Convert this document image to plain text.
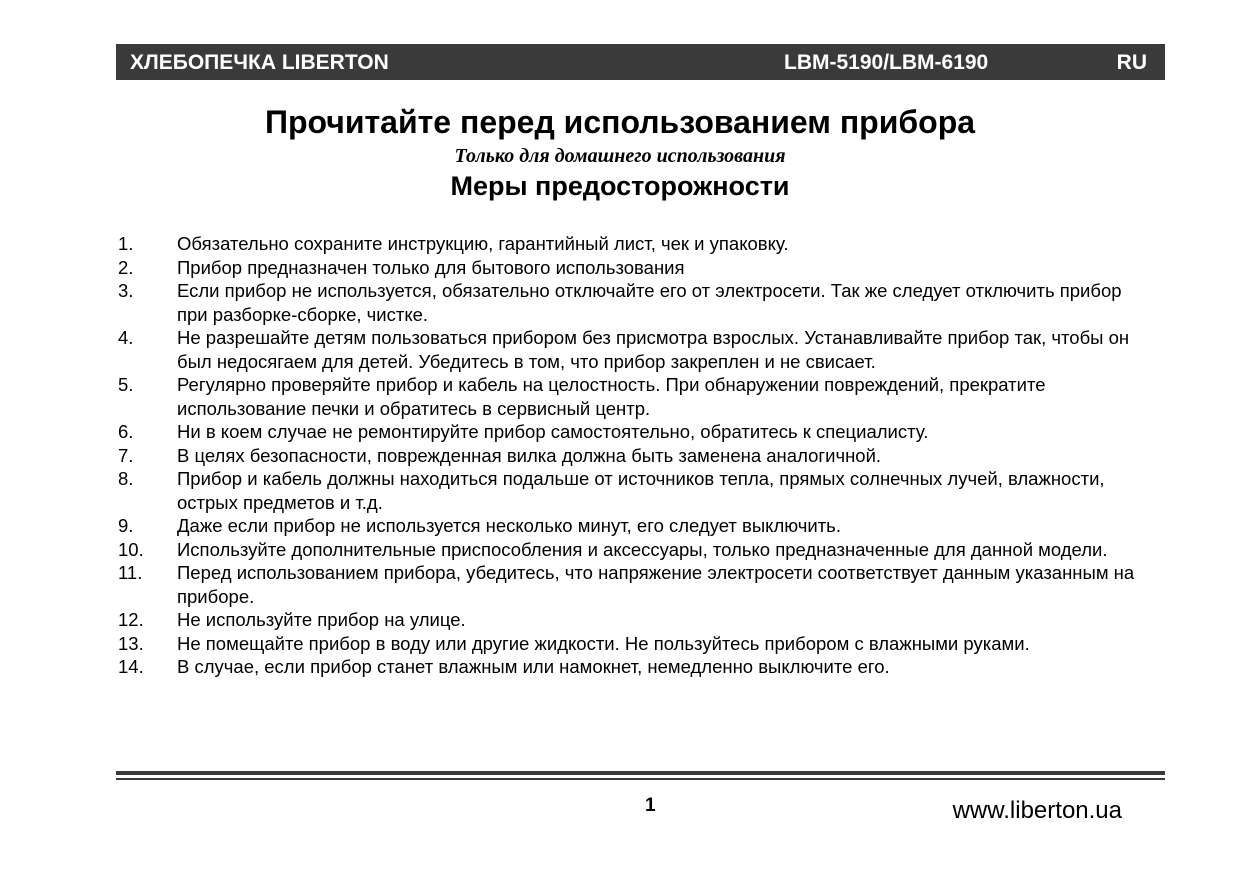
ХЛЕБОПЕЧКА LIBERTON	LBM-5190/LBM-6190	RU
Прочитайте перед использованием прибора
Только для домашнего использования
Меры предосторожности
1.	Обязательно сохраните инструкцию, гарантийный лист, чек и упаковку.
2.	Прибор предназначен только для бытового использования
3.	Если прибор не используется, обязательно отключайте его от электросети. Так же следует отключить прибор при разборке-сборке, чистке.
4.	Не разрешайте детям пользоваться прибором без присмотра взрослых. Устанавливайте прибор так, чтобы он был недосягаем для детей. Убедитесь в том, что прибор закреплен и не свисает.
5.	Регулярно проверяйте прибор и кабель на целостность. При обнаружении повреждений, прекратите использование печки и обратитесь в сервисный центр.
6.	Ни в коем случае не ремонтируйте прибор самостоятельно, обратитесь к специалисту.
7.	В целях безопасности, поврежденная вилка должна быть заменена аналогичной.
8.	Прибор и кабель должны находиться подальше от источников тепла, прямых солнечных лучей, влажности, острых предметов и т.д.
9.	Даже если прибор не используется несколько минут, его следует выключить.
10.	Используйте дополнительные приспособления и аксессуары, только предназначенные для данной модели.
11.	Перед использованием прибора, убедитесь, что напряжение электросети соответствует данным указанным на приборе.
12.	Не используйте прибор на улице.
13.	Не помещайте прибор в воду или другие жидкости. Не пользуйтесь прибором с влажными руками.
14.	В случае, если прибор станет влажным или намокнет, немедленно выключите его.
1	www.liberton.ua
